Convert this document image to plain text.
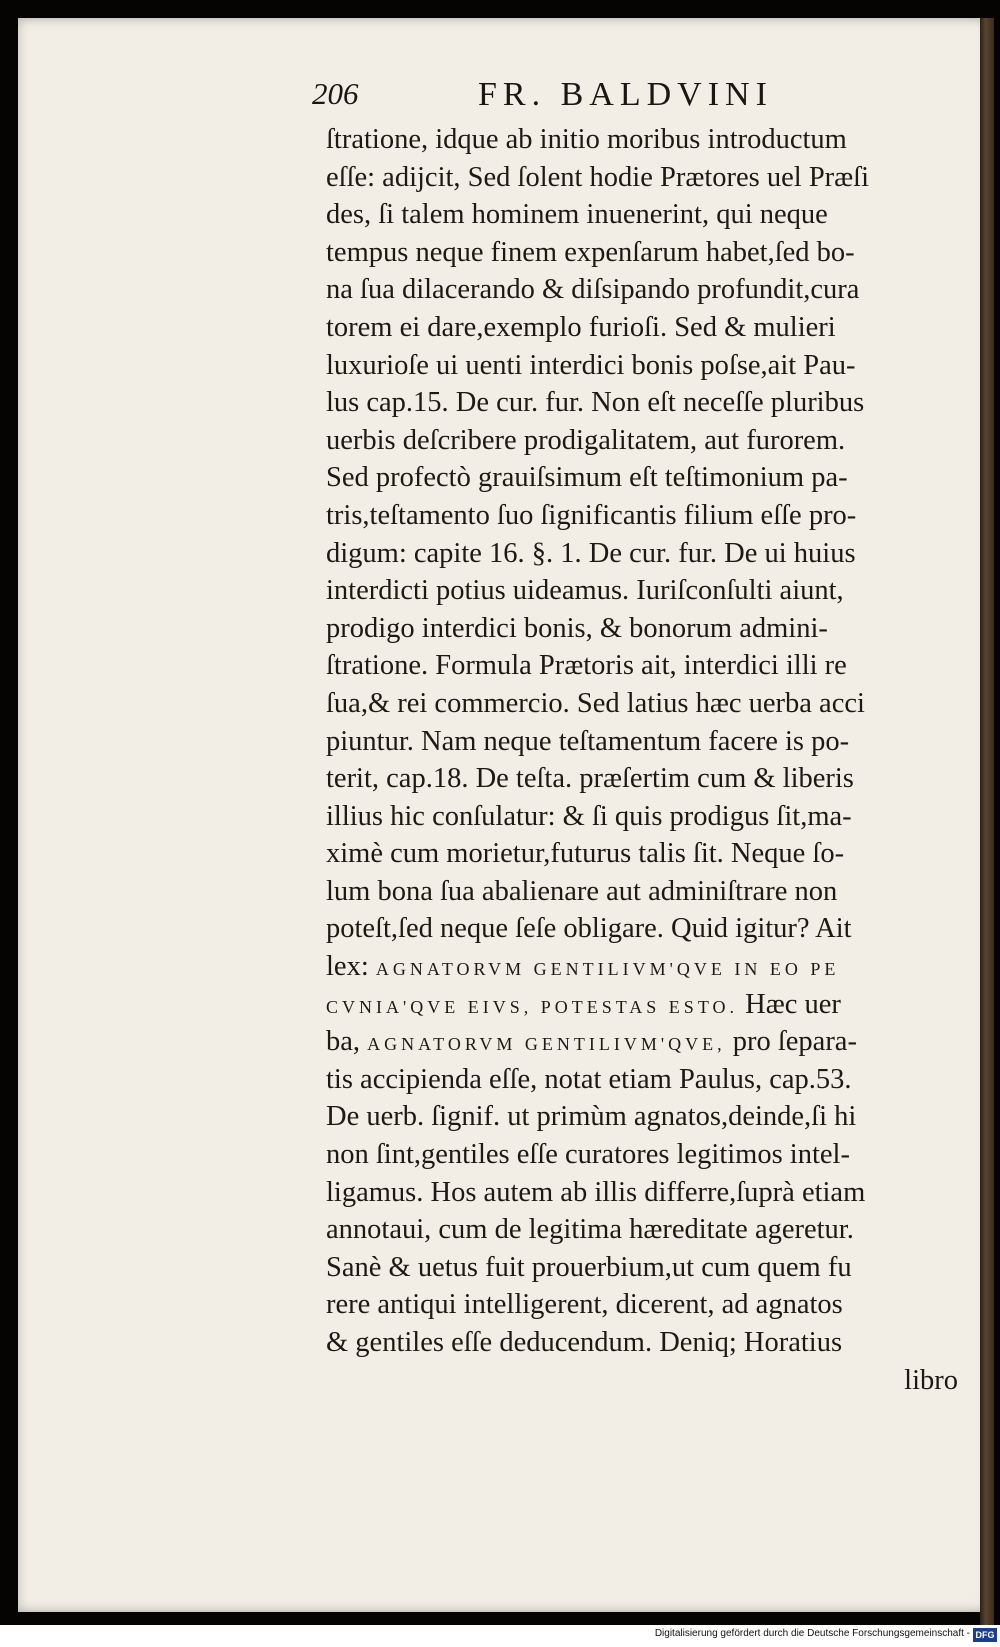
206	FR. BALDVINI
ſtratione, idque ab initio moribus introductum
eſſe: adijcit, Sed ſolent hodie Prætores uel Præſi
des, ſi talem hominem inuenerint, qui neque
tempus neque finem expenſarum habet,ſed bo-
na ſua dilacerando & diſsipando profundit,cura
torem ei dare,exemplo furioſi. Sed & mulieri
luxurioſe ui uenti interdici bonis poſse,ait Pau-
lus cap.15. De cur. fur. Non eſt neceſſe pluribus
uerbis deſcribere prodigalitatem, aut furorem.
Sed profectò grauiſsimum eſt teſtimonium pa-
tris,teſtamento ſuo ſignificantis filium eſſe pro-
digum: capite 16. §. 1. De cur. fur. De ui huius
interdicti potius uideamus. Iuriſconſulti aiunt,
prodigo interdici bonis, & bonorum admini-
ſtratione. Formula Prætoris ait, interdici illi re
ſua,& rei commercio. Sed latius hæc uerba acci
piuntur. Nam neque teſtamentum facere is po-
terit, cap.18. De teſta. præſertim cum & liberis
illius hic conſulatur: & ſi quis prodigus ſit,ma-
ximè cum morietur,futurus talis ſit. Neque ſo-
lum bona ſua abalienare aut adminiſtrare non
poteſt,ſed neque ſeſe obligare. Quid igitur? Ait
lex: AGNATORVM GENTILIVM'QVE IN EO PE
CVNIA'QVE EIVS, POTESTAS ESTO. Hæc uer
ba, AGNATORVM GENTILIVM'QVE, pro ſepara-
tis accipienda eſſe, notat etiam Paulus, cap.53.
De uerb. ſignif. ut primùm agnatos,deinde,ſi hi
non ſint,gentiles eſſe curatores legitimos intel-
ligamus. Hos autem ab illis differre,ſuprà etiam
annotaui, cum de legitima hæreditate ageretur.
Sanè & uetus fuit prouerbium,ut cum quem fu
rere antiqui intelligerent, dicerent, ad agnatos
& gentiles eſſe deducendum. Deniq; Horatius
libro
Digitalisierung gefördert durch die Deutsche Forschungsgemeinschaft - DFG
